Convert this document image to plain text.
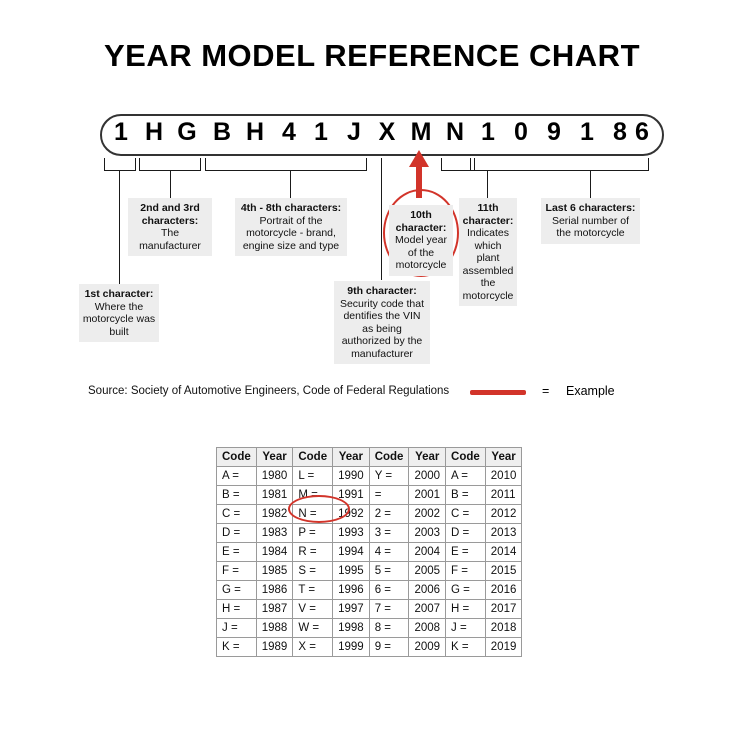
YEAR MODEL REFERENCE CHART
1 H G B H 4 1 J X M N 1 0 9 1 8 6
1st character:
Where the motorcycle was built
2nd and 3rd characters:
The manufacturer
4th - 8th characters:
Portrait of the motorcycle - brand, engine size and type
9th character:
Security code that dentifies the VIN as being authorized by the manufacturer
10th character:
Model year of the motorcycle
11th character:
Indicates which plant assembled the motorcycle
Last 6 characters:
Serial number of the motorcycle
Source: Society of Automotive Engineers, Code of Federal Regulations	= Example
Code	Year	Code	Year	Code	Year	Code	Year
A =	1980	L =	1990	Y =	2000	A =	2010
B =	1981	M =	1991	=	2001	B =	2011
C =	1982	N =	1992	2 =	2002	C =	2012
D =	1983	P =	1993	3 =	2003	D =	2013
E =	1984	R =	1994	4 =	2004	E =	2014
F =	1985	S =	1995	5 =	2005	F =	2015
G =	1986	T =	1996	6 =	2006	G =	2016
H =	1987	V =	1997	7 =	2007	H =	2017
J =	1988	W =	1998	8 =	2008	J =	2018
K =	1989	X =	1999	9 =	2009	K =	2019
